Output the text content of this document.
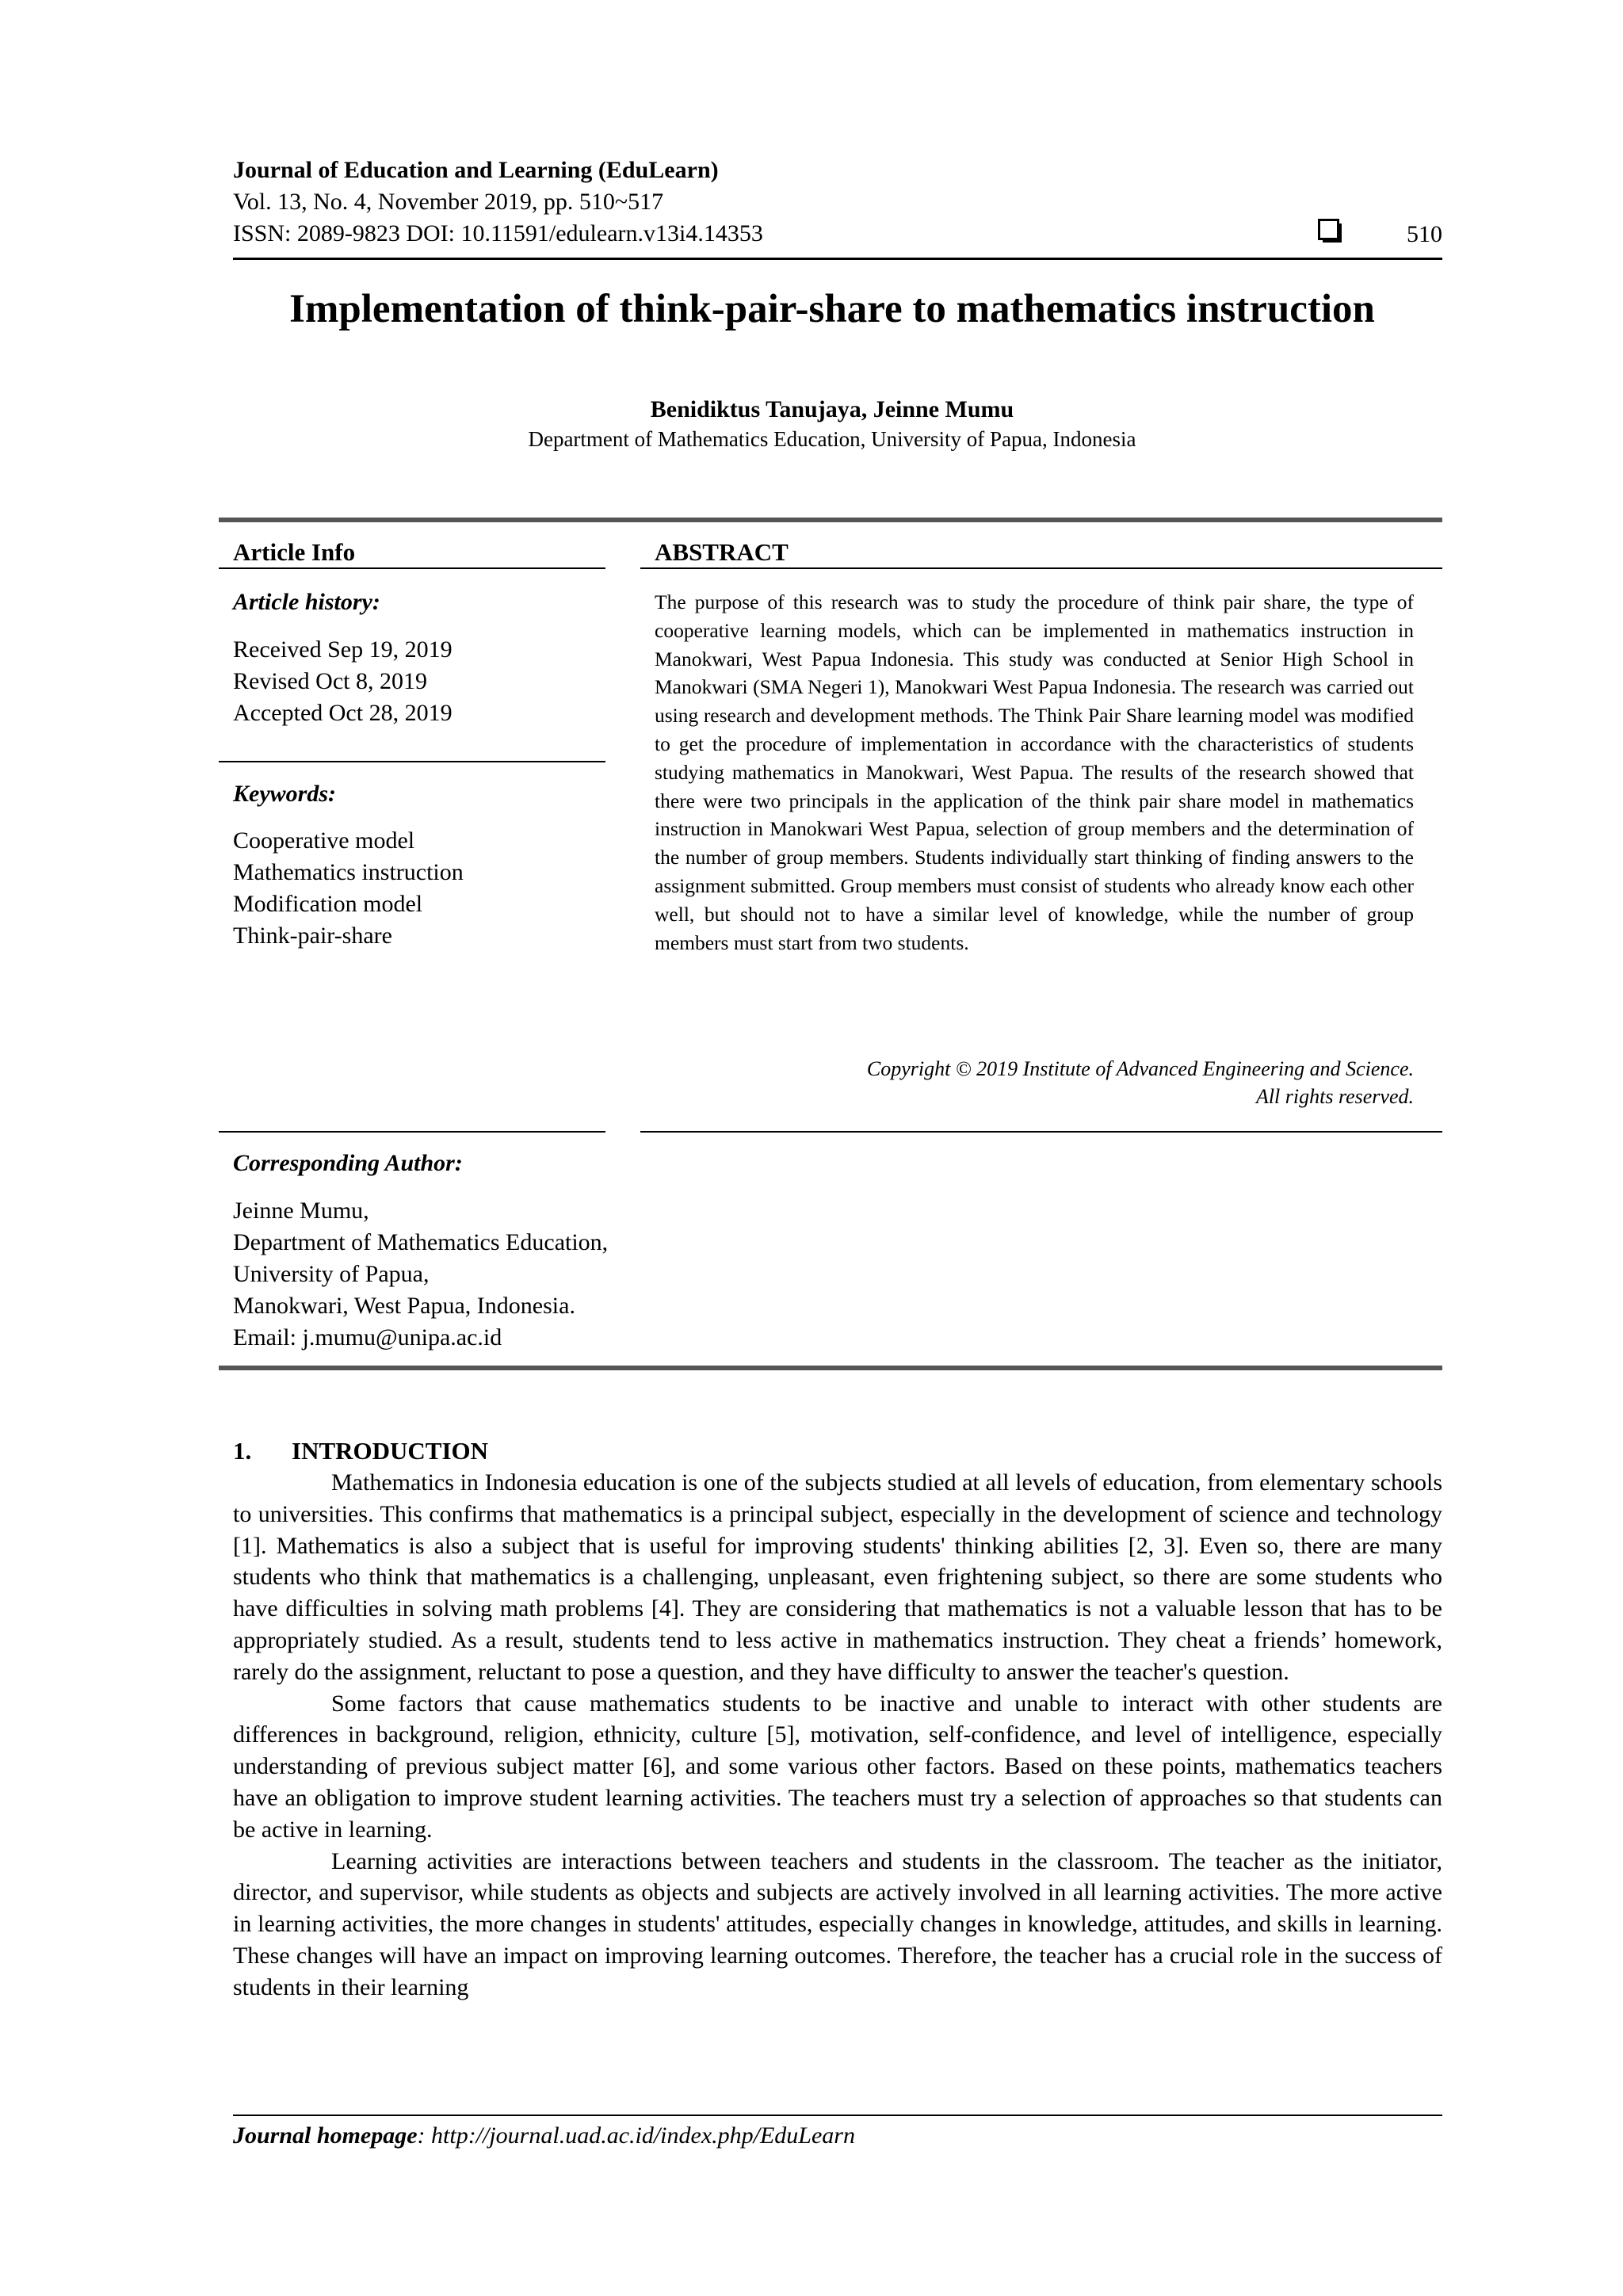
Journal of Education and Learning (EduLearn)
Vol. 13, No. 4, November 2019, pp. 510~517
ISSN: 2089-9823 DOI: 10.11591/edulearn.v13i4.14353	510
Implementation of think-pair-share to mathematics instruction
Benidiktus Tanujaya, Jeinne Mumu
Department of Mathematics Education, University of Papua, Indonesia
Article Info
Article history:
Received Sep 19, 2019
Revised Oct 8, 2019
Accepted Oct 28, 2019
Keywords:
Cooperative model
Mathematics instruction
Modification model
Think-pair-share
ABSTRACT
The purpose of this research was to study the procedure of think pair share, the type of cooperative learning models, which can be implemented in mathematics instruction in Manokwari, West Papua Indonesia. This study was conducted at Senior High School in Manokwari (SMA Negeri 1), Manokwari West Papua Indonesia. The research was carried out using research and development methods. The Think Pair Share learning model was modified to get the procedure of implementation in accordance with the characteristics of students studying mathematics in Manokwari, West Papua. The results of the research showed that there were two principals in the application of the think pair share model in mathematics instruction in Manokwari West Papua, selection of group members and the determination of the number of group members. Students individually start thinking of finding answers to the assignment submitted. Group members must consist of students who already know each other well, but should not to have a similar level of knowledge, while the number of group members must start from two students.
Copyright © 2019 Institute of Advanced Engineering and Science.
All rights reserved.
Corresponding Author:
Jeinne Mumu,
Department of Mathematics Education,
University of Papua,
Manokwari, West Papua, Indonesia.
Email: j.mumu@unipa.ac.id
1. INTRODUCTION

Mathematics in Indonesia education is one of the subjects studied at all levels of education, from elementary schools to universities. This confirms that mathematics is a principal subject, especially in the development of science and technology [1]. Mathematics is also a subject that is useful for improving students' thinking abilities [2, 3]. Even so, there are many students who think that mathematics is a challenging, unpleasant, even frightening subject, so there are some students who have difficulties in solving math problems [4]. They are considering that mathematics is not a valuable lesson that has to be appropriately studied. As a result, students tend to less active in mathematics instruction. They cheat a friends’ homework, rarely do the assignment, reluctant to pose a question, and they have difficulty to answer the teacher's question.

Some factors that cause mathematics students to be inactive and unable to interact with other students are differences in background, religion, ethnicity, culture [5], motivation, self-confidence, and level of intelligence, especially understanding of previous subject matter [6], and some various other factors. Based on these points, mathematics teachers have an obligation to improve student learning activities. The teachers must try a selection of approaches so that students can be active in learning.

Learning activities are interactions between teachers and students in the classroom. The teacher as the initiator, director, and supervisor, while students as objects and subjects are actively involved in all learning activities. The more active in learning activities, the more changes in students' attitudes, especially changes in knowledge, attitudes, and skills in learning. These changes will have an impact on improving learning outcomes. Therefore, the teacher has a crucial role in the success of students in their learning

Journal homepage: http://journal.uad.ac.id/index.php/EduLearn
